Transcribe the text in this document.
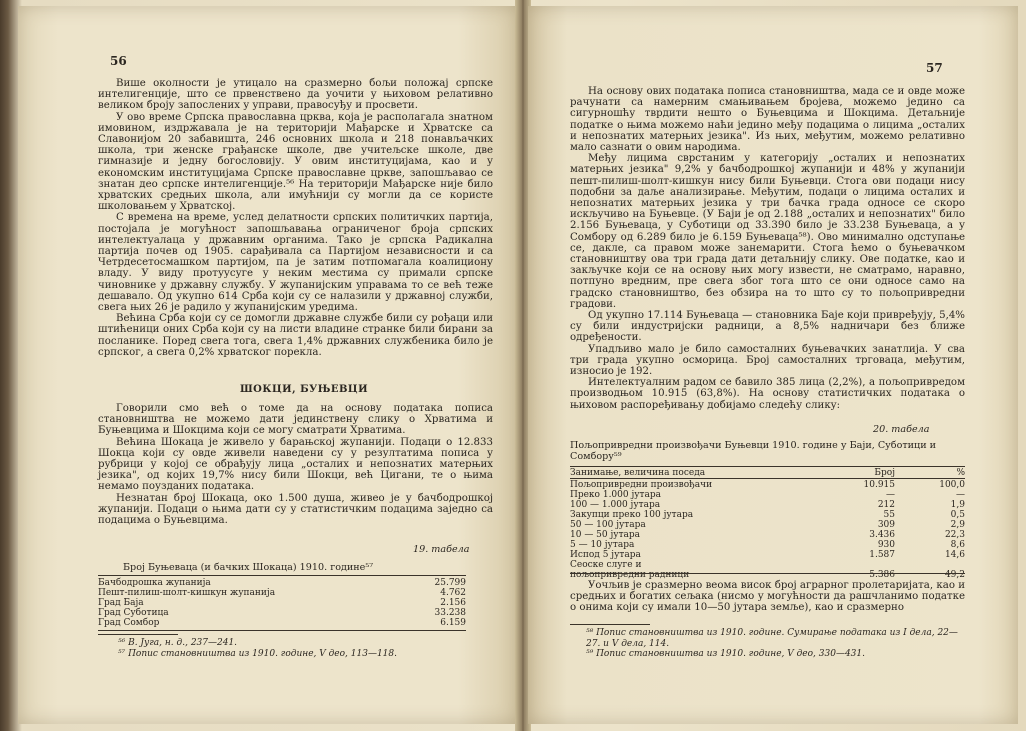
56

Више околности је утицало на сразмерно бољи положај српске интелигенције, што се првенствено да уочити у њиховом релативно великом броју запослених у управи, правосуђу и просвети.

У ово време Српска православна црква, која је располагала знатном имовином, издржавала је на територији Мађарске и Хрватске са Славонијом 20 забавишта, 246 основних школа и 218 понављачких школа, три женске грађанске школе, две учитељске школе, две гимназије и једну богословију. У овим институцијама, као и у економским институцијама Српске православне цркве, запошљавао се знатан део српске интелигенције.⁵⁶ На територији Мађарске није било хрватских средњих школа, али имућнији су могли да се користе школовањем у Хрватској.

С времена на време, услед делатности српских политичких партија, постојала је могућност запошљавања ограниченог броја српских интелектуалаца у државним органима. Тако је српска Радикална партија почев од 1905. сарађивала са Партијом независности и са Четрдесетосмашком партијом, па је затим потпомагала коалициону владу. У виду протуусуге у неким местима су примали српске чиновнике у државну службу. У жупанијским управама то се већ теже дешавало. Од укупно 614 Срба који су се налазили у државној служби, свега њих 26 је радило у жупанијским уредима.

Већина Срба који су се домогли државне службе били су рођаци или штићеници оних Срба који су на листи владине странке били бирани за посланике. Поред свега тога, свега 1,4% државних службеника било је српског, а свега 0,2% хрватског порекла.

ШОКЦИ, БУЊЕВЦИ

Говорили смо већ о томе да на основу података пописа становништва не можемо дати јединствену слику о Хрватима и Буњевцима и Шокцима који се могу сматрати Хрватима.

Већина Шокаца је живело у барањској жупанији. Подаци о 12.833 Шокца који су овде живели наведени су у резултатима пописа у рубрици у којој се обрађују лица „осталих и непознатих матерњих језика", од којих 19,7% нису били Шокци, већ Цигани, те о њима немамо поуздaних података.

Незнатан број Шокаца, око 1.500 душа, живео је у бачбодрошкој жупанији. Подаци о њима дати су у статистичким подацима заједно са подацима о Буњевцима.

19. табела
Број Буњеваца (и бачких Шокаца) 1910. године⁵⁷
Бачбодрошка жупанија	25.799
Пешт-пилиш-шолт-кишкун жупанија	4.762
Град Баја	2.156
Град Суботица	33.238
Град Сомбор	6.159
⁵⁶ В. Југа, н. д., 237—241.
⁵⁷ Попис становништва из 1910. године, V део, 113—118.
57

На основу ових података пописа становништва, мада се и овде може рачунати са намерним смањивањем бројева, можемо једино са сигурношћу тврдити нешто о Буњевцима и Шокцима. Детаљније податке о њима можемо наћи једино међу подацима о лицима „осталих и непознатих матерњих језика". Из њих, међутим, можемо релативно мало сазнати о овим народима.

Међу лицима сврстаним у категорију „осталих и непознатих матерњих језика" 9,2% у бачбодрошкој жупанији и 48% у жупанији пешт-пилиш-шолт-кишкун нису били Буњевци. Стога ови подаци нису подобни за даље анализирање. Међутим, подаци о лицима осталих и непознатих матерњих језика у три бачка града односе се скоро искључиво на Буњевце. (У Баји је од 2.188 „осталих и непознатих" било 2.156 Буњеваца, у Суботици од 33.390 било је 33.238 Буњеваца, а у Сомбору од 6.289 било је 6.159 Буњеваца⁵⁸). Ово минимално одступање се, дакле, са правом може занемарити. Стога ћемо о буњевачком становништву ова три града дати детаљнију слику. Ове податке, као и закључке који се на основу њих могу извести, не сматрамо, наравно, потпуно вредним, пре свега због тога што се они односе само на градско становништво, без обзира на то што су то пољопривредни градови.

Од укупно 17.114 Буњеваца — становника Баје који привређују, 5,4% су били индустријски радници, а 8,5% надничари без ближе одређености.

Упадљиво мало је било самосталних буњевачких занатлија. У сва три града укупно осморица. Број самосталних трговаца, међутим, износио је 192.

Интелектуалним радом се бавило 385 лица (2,2%), а пољопривредом производњом 10.915 (63,8%). На основу статистичких података о њиховом распоређивању добијамо следећу слику:

20. табела
Пољопривредни произвођачи Буњевци 1910. године у Баји, Суботици и Сомбору⁵⁹
Занимање, величина поседа	Број	%

Пољопривредни произвођачи	10.915	100,0
Преко 1.000 јутара	—	—
100 — 1.000 јутара	212	1,9
Закупци преко 100 јутара	55	0,5
50 — 100 јутара	309	2,9
10 — 50 јутара	3.436	22,3
5 — 10 јутара	930	8,6
Испод 5 јутара	1.587	14,6
Сеоске слуге и		
пољопривредни радници	5.386	49,2

Уочљив је сразмерно веома висок број аграрног пролетаријата, као и средњих и богатих сељака (нисмо у могућности да рашчланимо податке о онима који су имали 10—50 јутара земље), као и сразмерно

⁵⁸ Попис становништва из 1910. године. Сумирање података из I дела, 22—27. и V дела, 114.
⁵⁹ Попис становништва из 1910. године, V део, 330—431.
